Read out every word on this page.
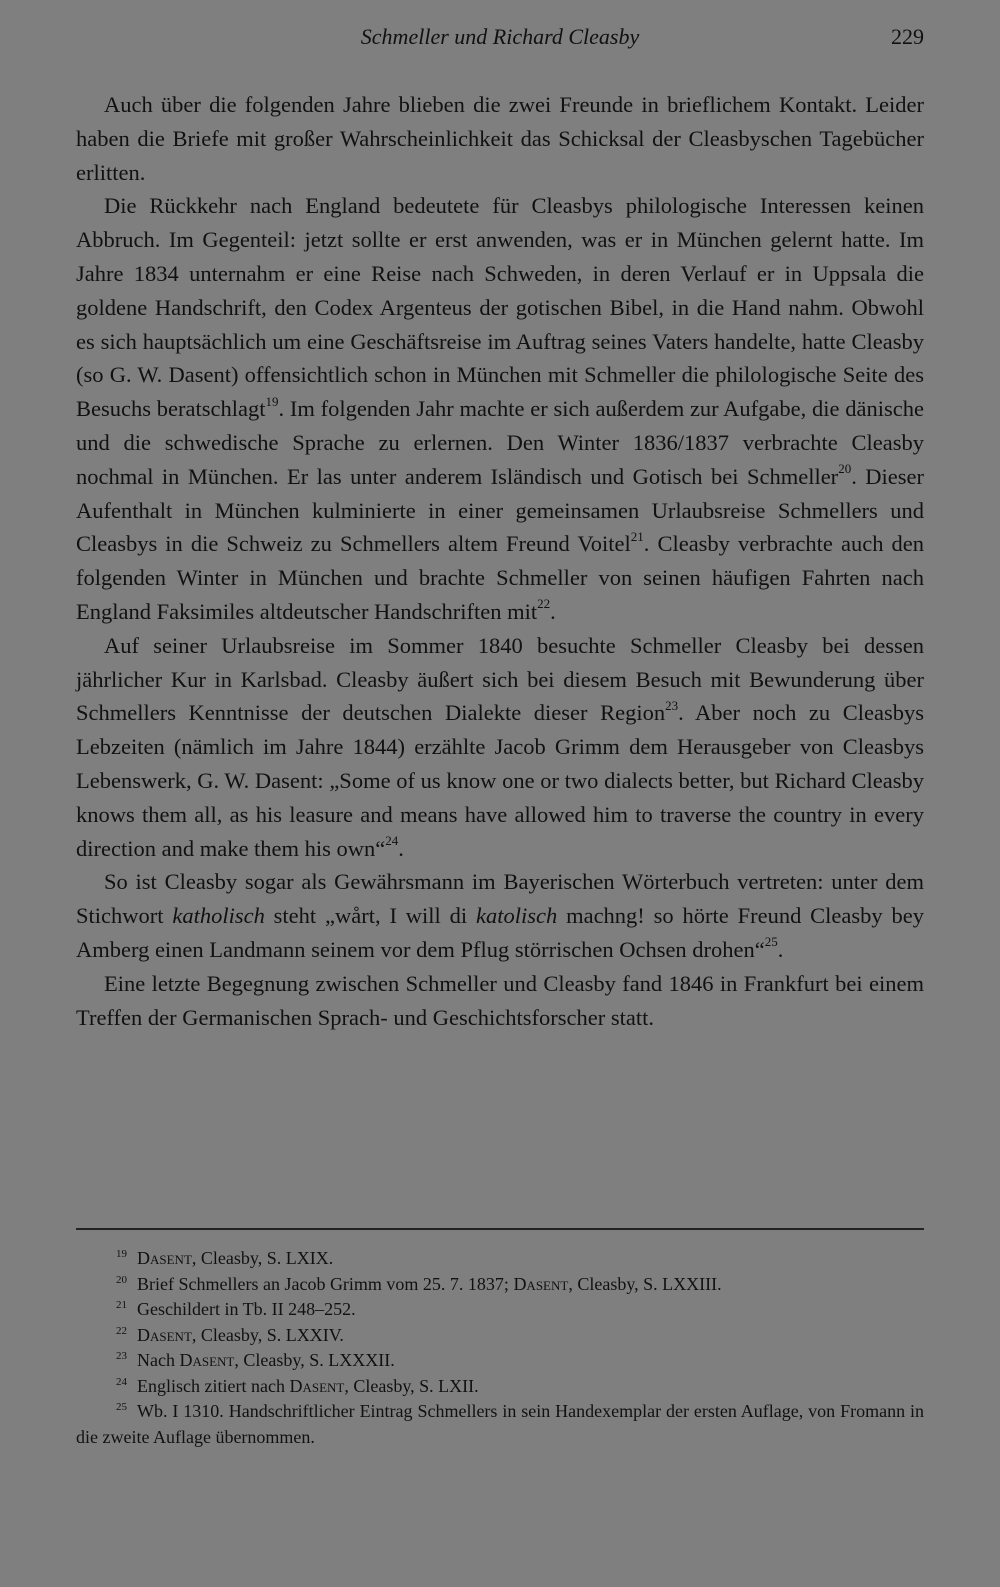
Schmeller und Richard Cleasby	229

Auch über die folgenden Jahre blieben die zwei Freunde in brieflichem Kontakt. Leider haben die Briefe mit großer Wahrscheinlichkeit das Schicksal der Cleasbyschen Tagebücher erlitten.

Die Rückkehr nach England bedeutete für Cleasbys philologische Interessen keinen Abbruch. Im Gegenteil: jetzt sollte er erst anwenden, was er in München gelernt hatte. Im Jahre 1834 unternahm er eine Reise nach Schweden, in deren Verlauf er in Uppsala die goldene Handschrift, den Codex Argenteus der gotischen Bibel, in die Hand nahm. Obwohl es sich hauptsächlich um eine Geschäftsreise im Auftrag seines Vaters handelte, hatte Cleasby (so G. W. Dasent) offensichtlich schon in München mit Schmeller die philologische Seite des Besuchs beratschlagt$^{19}$. Im folgenden Jahr machte er sich außerdem zur Aufgabe, die dänische und die schwedische Sprache zu erlernen. Den Winter 1836/1837 verbrachte Cleasby nochmal in München. Er las unter anderem Isländisch und Gotisch bei Schmeller$^{20}$. Dieser Aufenthalt in München kulminierte in einer gemeinsamen Urlaubsreise Schmellers und Cleasbys in die Schweiz zu Schmellers altem Freund Voitel$^{21}$. Cleasby verbrachte auch den folgenden Winter in München und brachte Schmeller von seinen häufigen Fahrten nach England Faksimiles altdeutscher Handschriften mit$^{22}$.

Auf seiner Urlaubsreise im Sommer 1840 besuchte Schmeller Cleasby bei dessen jährlicher Kur in Karlsbad. Cleasby äußert sich bei diesem Besuch mit Bewunderung über Schmellers Kenntnisse der deutschen Dialekte dieser Region$^{23}$. Aber noch zu Cleasbys Lebzeiten (nämlich im Jahre 1844) erzählte Jacob Grimm dem Herausgeber von Cleasbys Lebenswerk, G. W. Dasent: „Some of us know one or two dialects better, but Richard Cleasby knows them all, as his leasure and means have allowed him to traverse the country in every direction and make them his own“$^{24}$.

So ist Cleasby sogar als Gewährsmann im Bayerischen Wörterbuch vertreten: unter dem Stichwort katholisch steht „wårt, I will di katolisch machng! so hörte Freund Cleasby bey Amberg einen Landmann seinem vor dem Pflug störrischen Ochsen drohen“$^{25}$.

Eine letzte Begegnung zwischen Schmeller und Cleasby fand 1846 in Frankfurt bei einem Treffen der Germanischen Sprach- und Geschichtsforscher statt.

19 Dasent, Cleasby, S. LXIX.

20 Brief Schmellers an Jacob Grimm vom 25. 7. 1837; Dasent, Cleasby, S. LXXIII.

21 Geschildert in Tb. II 248–252.

22 Dasent, Cleasby, S. LXXIV.

23 Nach Dasent, Cleasby, S. LXXXII.

24 Englisch zitiert nach Dasent, Cleasby, S. LXII.

25 Wb. I 1310. Handschriftlicher Eintrag Schmellers in sein Handexemplar der ersten Auflage, von Fromann in die zweite Auflage übernommen.
